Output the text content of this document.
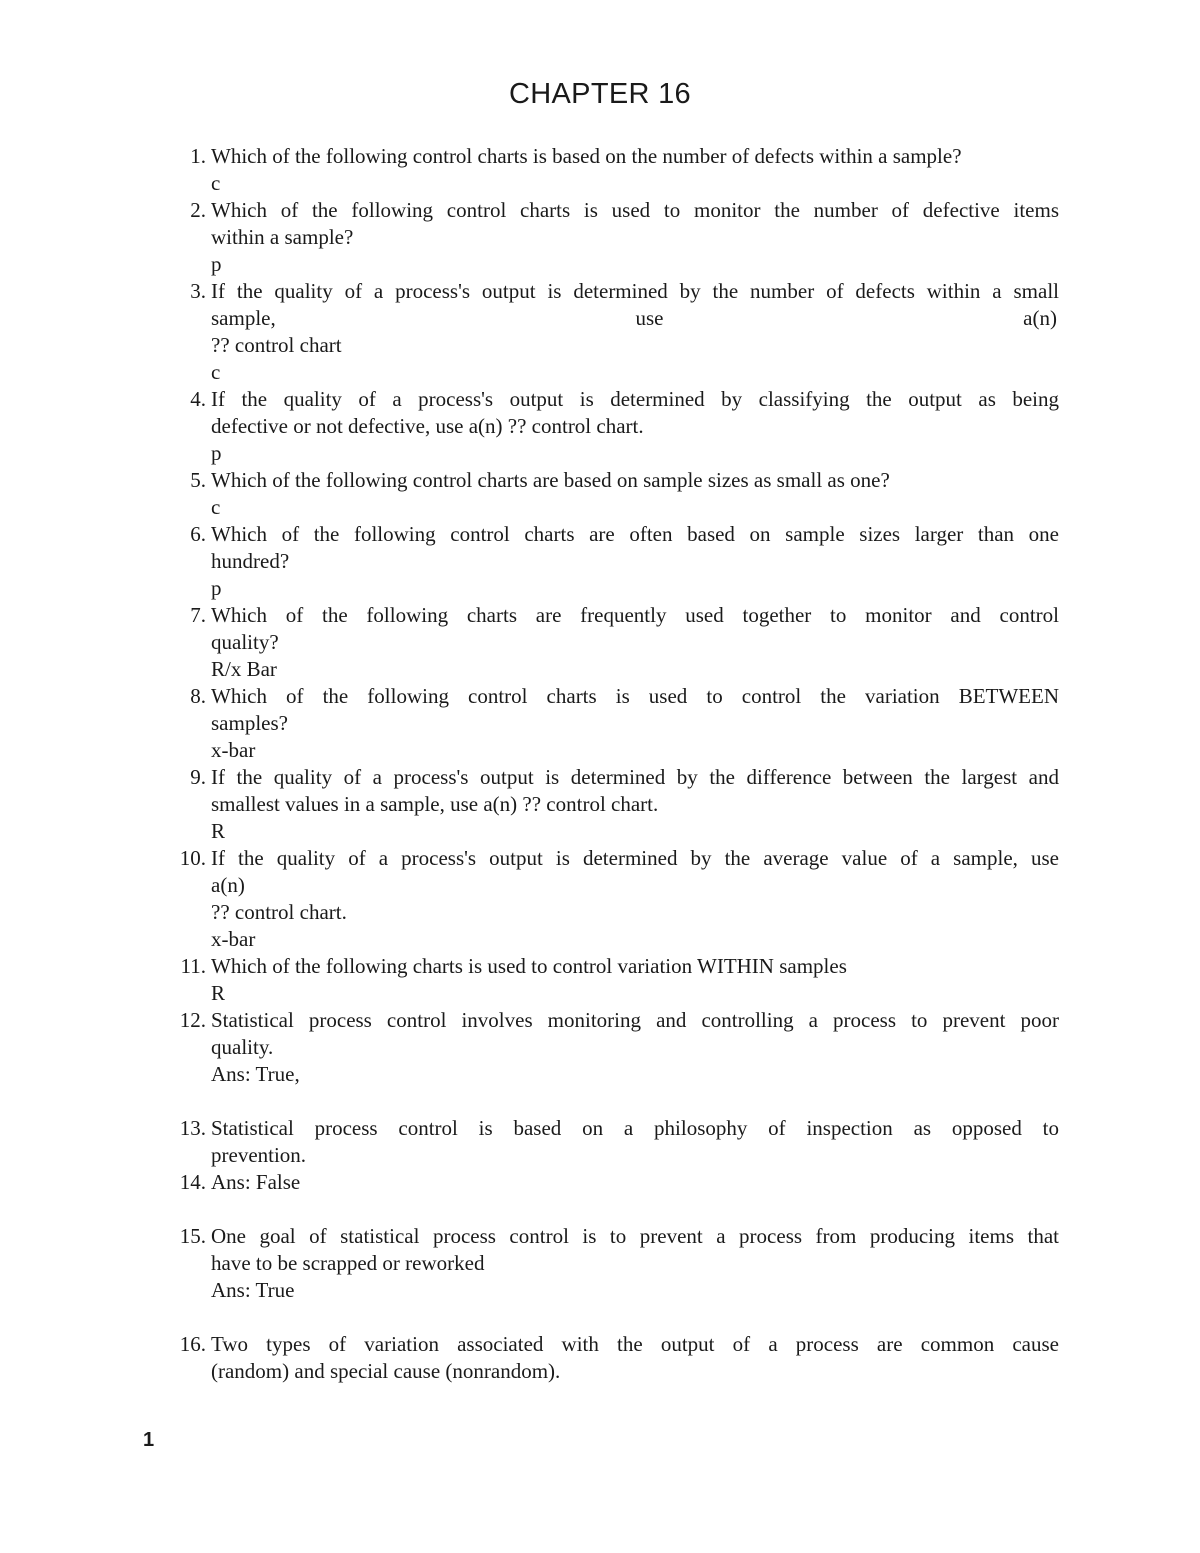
CHAPTER 16
1. Which of the following control charts is based on the number of defects within a sample?
c
2. Which of the following control charts is used to monitor the number of defective items
within a sample?
p
3. If the quality of a process's output is determined by the number of defects within a small
sample,	use	a(n)
?? control chart
c
4. If the quality of a process's output is determined by classifying the output as being
defective or not defective, use a(n) ?? control chart.
p
5. Which of the following control charts are based on sample sizes as small as one?
c
6. Which of the following control charts are often based on sample sizes larger than one
hundred?
p
7. Which of the following charts are frequently used together to monitor and control
quality?
R/x Bar
8. Which of the following control charts is used to control the variation BETWEEN
samples?
x-bar
9. If the quality of a process's output is determined by the difference between the largest and
smallest values in a sample, use a(n) ?? control chart.
R
10. If the quality of a process's output is determined by the average value of a sample, use
a(n)
?? control chart.
x-bar
11. Which of the following charts is used to control variation WITHIN samples
R
12. Statistical process control involves monitoring and controlling a process to prevent poor
quality.
Ans: True,
13. Statistical process control is based on a philosophy of inspection as opposed to
prevention.
14. Ans: False
15. One goal of statistical process control is to prevent a process from producing items that
have to be scrapped or reworked
Ans: True
16. Two types of variation associated with the output of a process are common cause
(random) and special cause (nonrandom).
1
